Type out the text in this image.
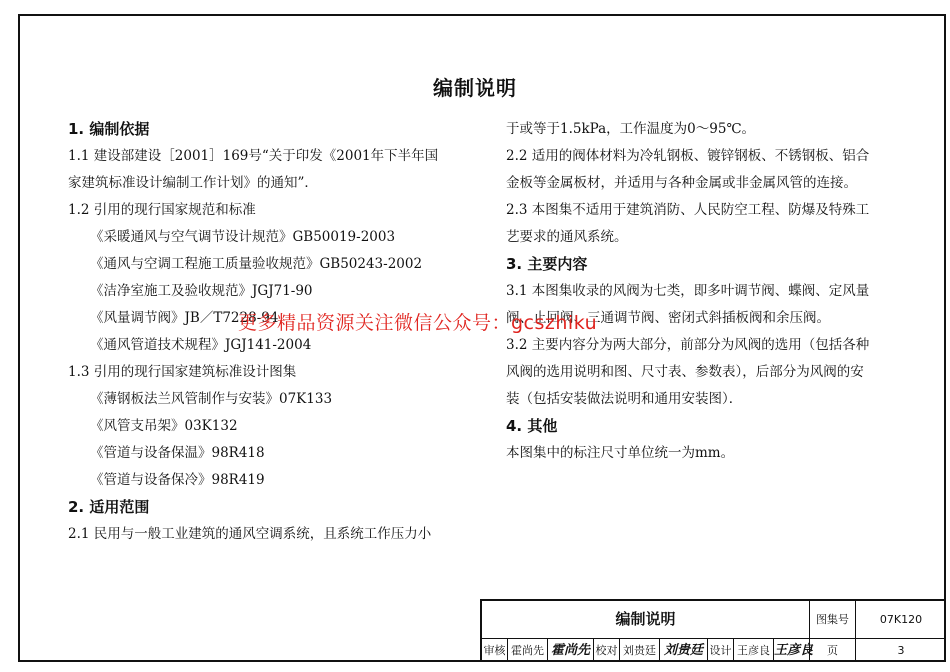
编制说明
1. 编制依据
1.1 建设部建设［2001］169号“关于印发《2001年下半年国
家建筑标准设计编制工作计划》的通知”．
1.2 引用的现行国家规范和标准
《采暖通风与空气调节设计规范》GB50019-2003
《通风与空调工程施工质量验收规范》GB50243-2002
《洁净室施工及验收规范》JGJ71-90
《风量调节阀》JB／T7228-94
《通风管道技术规程》JGJ141-2004
1.3 引用的现行国家建筑标准设计图集
《薄钢板法兰风管制作与安装》07K133
《风管支吊架》03K132
《管道与设备保温》98R418
《管道与设备保冷》98R419
2. 适用范围
2.1 民用与一般工业建筑的通风空调系统，且系统工作压力小
于或等于1.5kPa，工作温度为0～95℃。
2.2 适用的阀体材料为冷轧钢板、镀锌钢板、不锈钢板、铝合
金板等金属板材，并适用与各种金属或非金属风管的连接。
2.3 本图集不适用于建筑消防、人民防空工程、防爆及特殊工
艺要求的通风系统。
3. 主要内容
3.1 本图集收录的风阀为七类，即多叶调节阀、蝶阀、定风量
阀、止回阀、三通调节阀、密闭式斜插板阀和余压阀。
3.2 主要内容分为两大部分，前部分为风阀的选用（包括各种
风阀的选用说明和图、尺寸表、参数表），后部分为风阀的安
装（包括安装做法说明和通用安装图）．
4. 其他
本图集中的标注尺寸单位统一为mm。
更多精品资源关注微信公众号：gcszhiku
编制说明	图集号	07K120
审核 霍尚先 霍尚先 校对 刘贵廷 刘贵廷 设计 王彦良 王彦良	页	3
